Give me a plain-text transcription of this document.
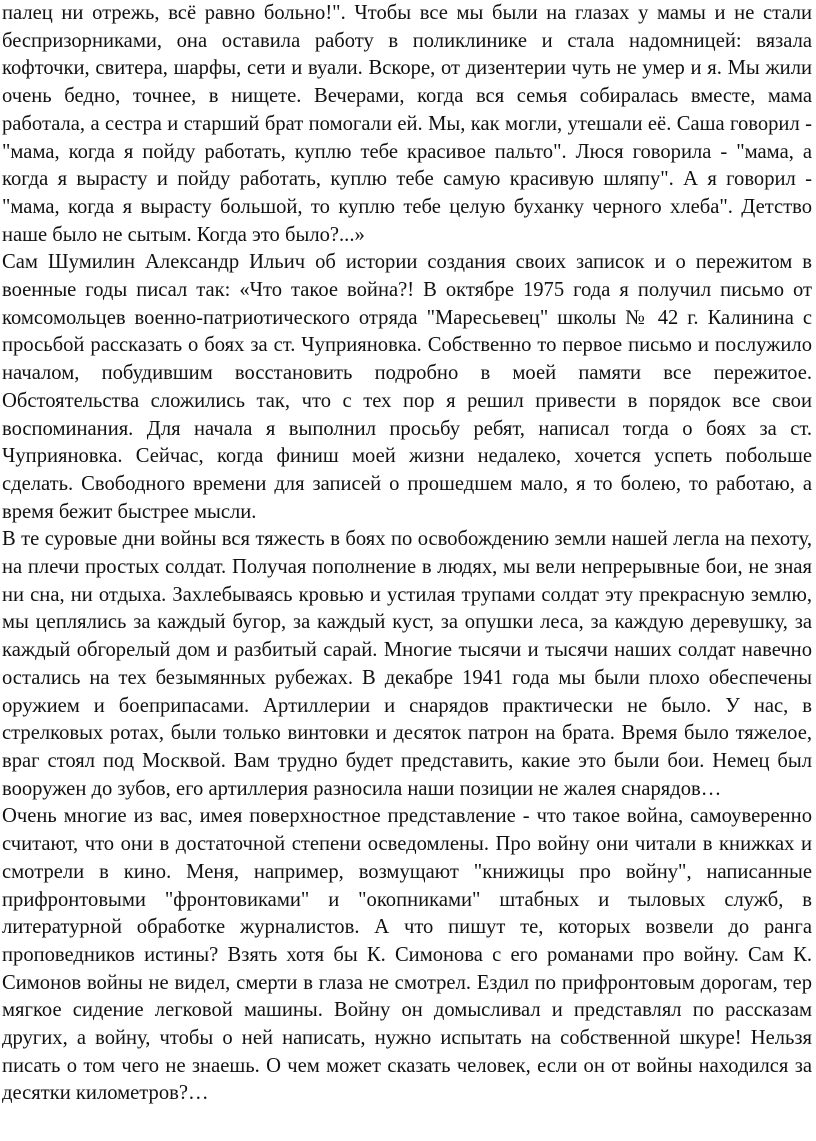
палец ни отрежь, всё равно больно!". Чтобы все мы были на глазах у мамы и не стали беспризорниками, она оставила работу в поликлинике и стала надомницей: вязала кофточки, свитера, шарфы, сети и вуали. Вскоре, от дизентерии чуть не умер и я. Мы жили очень бедно, точнее, в нищете. Вечерами, когда вся семья собиралась вместе, мама работала, а сестра и старший брат помогали ей. Мы, как могли, утешали её. Саша говорил - "мама, когда я пойду работать, куплю тебе красивое пальто". Люся говорила - "мама, а когда я вырасту и пойду работать, куплю тебе самую красивую шляпу". А я говорил - "мама, когда я вырасту большой, то куплю тебе целую буханку черного хлеба". Детство наше было не сытым. Когда это было?...»

Сам Шумилин Александр Ильич об истории создания своих записок и о пережитом в военные годы писал так: «Что такое война?! В октябре 1975 года я получил письмо от комсомольцев военно-патриотического отряда "Маресьевец" школы № 42 г. Калинина с просьбой рассказать о боях за ст. Чуприяновка. Собственно то первое письмо и послужило началом, побудившим восстановить подробно в моей памяти все пережитое. Обстоятельства сложились так, что с тех пор я решил привести в порядок все свои воспоминания. Для начала я выполнил просьбу ребят, написал тогда о боях за ст. Чуприяновка. Сейчас, когда финиш моей жизни недалеко, хочется успеть побольше сделать. Свободного времени для записей о прошедшем мало, я то болею, то работаю, а время бежит быстрее мысли.

В те суровые дни войны вся тяжесть в боях по освобождению земли нашей легла на пехоту, на плечи простых солдат. Получая пополнение в людях, мы вели непрерывные бои, не зная ни сна, ни отдыха. Захлебываясь кровью и устилая трупами солдат эту прекрасную землю, мы цеплялись за каждый бугор, за каждый куст, за опушки леса, за каждую деревушку, за каждый обгорелый дом и разбитый сарай. Многие тысячи и тысячи наших солдат навечно остались на тех безымянных рубежах. В декабре 1941 года мы были плохо обеспечены оружием и боеприпасами. Артиллерии и снарядов практически не было. У нас, в стрелковых ротах, были только винтовки и десяток патрон на брата. Время было тяжелое, враг стоял под Москвой. Вам трудно будет представить, какие это были бои. Немец был вооружен до зубов, его артиллерия разносила наши позиции не жалея снарядов…

Очень многие из вас, имея поверхностное представление - что такое война, самоуверенно считают, что они в достаточной степени осведомлены. Про войну они читали в книжках и смотрели в кино. Меня, например, возмущают "книжицы про войну", написанные прифронтовыми "фронтовиками" и "окопниками" штабных и тыловых служб, в литературной обработке журналистов. А что пишут те, которых возвели до ранга проповедников истины? Взять хотя бы К. Симонова с его романами про войну. Сам К. Симонов войны не видел, смерти в глаза не смотрел. Ездил по прифронтовым дорогам, тер мягкое сидение легковой машины. Войну он домысливал и представлял по рассказам других, а войну, чтобы о ней написать, нужно испытать на собственной шкуре! Нельзя писать о том чего не знаешь. О чем может сказать человек, если он от войны находился за десятки километров?…
